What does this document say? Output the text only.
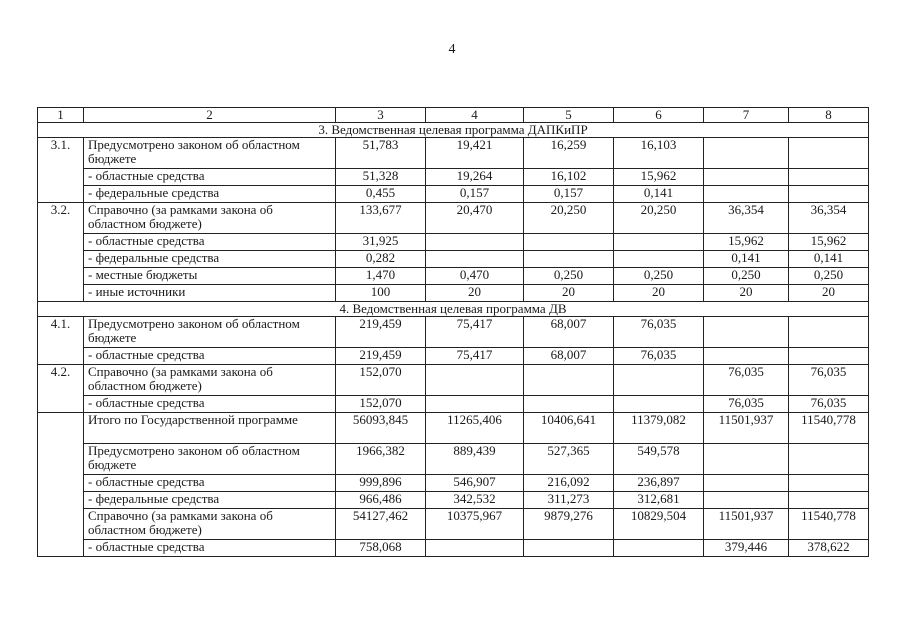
4
1	2	3	4	5	6	7	8
3. Ведомственная целевая программа ДАПКиПР							
3.1.	Предусмотрено законом об областном бюджете	51,783	19,421	16,259	16,103		
	- областные средства	51,328	19,264	16,102	15,962		
	- федеральные средства	0,455	0,157	0,157	0,141		
3.2.	Справочно (за рамками закона об областном бюджете)	133,677	20,470	20,250	20,250	36,354	36,354
	- областные средства	31,925				15,962	15,962
	- федеральные средства	0,282				0,141	0,141
	- местные бюджеты	1,470	0,470	0,250	0,250	0,250	0,250
	- иные источники	100	20	20	20	20	20
4. Ведомственная целевая программа ДВ							
4.1.	Предусмотрено законом об областном бюджете	219,459	75,417	68,007	76,035		
	- областные средства	219,459	75,417	68,007	76,035		
4.2.	Справочно (за рамками закона об областном бюджете)	152,070				76,035	76,035
	- областные средства	152,070				76,035	76,035
	Итого по Государственной программе	56093,845	11265,406	10406,641	11379,082	11501,937	11540,778
	Предусмотрено законом об областном бюджете	1966,382	889,439	527,365	549,578		
	- областные средства	999,896	546,907	216,092	236,897		
	- федеральные средства	966,486	342,532	311,273	312,681		
	Справочно (за рамками закона об областном бюджете)	54127,462	10375,967	9879,276	10829,504	11501,937	11540,778
	- областные средства	758,068				379,446	378,622
